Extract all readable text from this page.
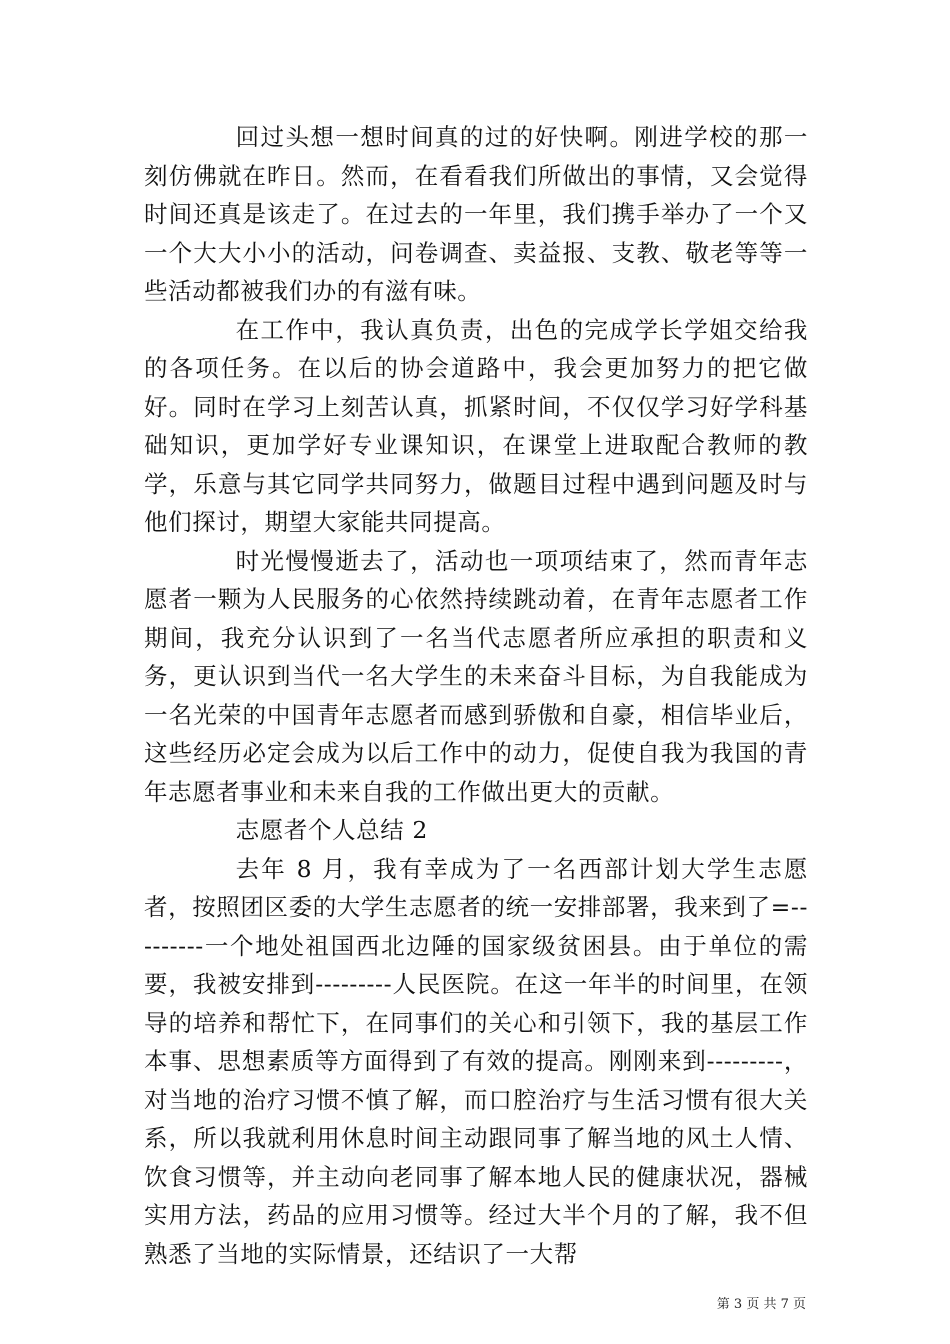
回过头想一想时间真的过的好快啊。刚进学校的那一刻仿佛就在昨日。然而，在看看我们所做出的事情，又会觉得时间还真是该走了。在过去的一年里，我们携手举办了一个又一个大大小小的活动，问卷调查、卖益报、支教、敬老等等一些活动都被我们办的有滋有味。

在工作中，我认真负责，出色的完成学长学姐交给我的各项任务。在以后的协会道路中，我会更加努力的把它做好。同时在学习上刻苦认真，抓紧时间，不仅仅学习好学科基础知识，更加学好专业课知识，在课堂上进取配合教师的教学，乐意与其它同学共同努力，做题目过程中遇到问题及时与他们探讨，期望大家能共同提高。

时光慢慢逝去了，活动也一项项结束了，然而青年志愿者一颗为人民服务的心依然持续跳动着，在青年志愿者工作期间，我充分认识到了一名当代志愿者所应承担的职责和义务，更认识到当代一名大学生的未来奋斗目标，为自我能成为一名光荣的中国青年志愿者而感到骄傲和自豪，相信毕业后，这些经历必定会成为以后工作中的动力，促使自我为我国的青年志愿者事业和未来自我的工作做出更大的贡献。

志愿者个人总结 2

去年 8 月，我有幸成为了一名西部计划大学生志愿者，按照团区委的大学生志愿者的统一安排部署，我来到了=---------一个地处祖国西北边陲的国家级贫困县。由于单位的需要，我被安排到---------人民医院。在这一年半的时间里，在领导的培养和帮忙下，在同事们的关心和引领下，我的基层工作本事、思想素质等方面得到了有效的提高。刚刚来到---------，对当地的治疗习惯不慎了解，而口腔治疗与生活习惯有很大关系，所以我就利用休息时间主动跟同事了解当地的风土人情、饮食习惯等，并主动向老同事了解本地人民的健康状况，器械实用方法，药品的应用习惯等。经过大半个月的了解，我不但熟悉了当地的实际情景，还结识了一大帮

第 3 页 共 7 页
